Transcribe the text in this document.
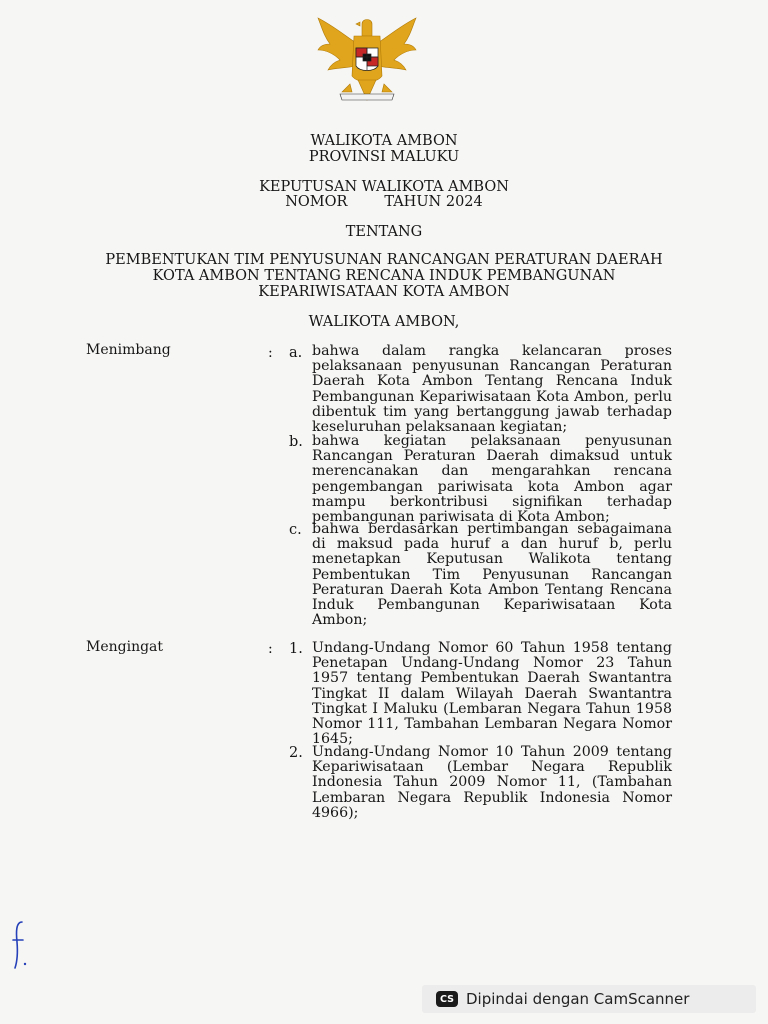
WALIKOTA AMBON
PROVINSI MALUKU
KEPUTUSAN WALIKOTA AMBON
NOMOR        TAHUN 2024
TENTANG
PEMBENTUKAN TIM PENYUSUNAN RANCANGAN PERATURAN DAERAH
KOTA AMBON TENTANG RENCANA INDUK PEMBANGUNAN
KEPARIWISATAAN KOTA AMBON
WALIKOTA AMBON,
Menimbang	: a. bahwa dalam rangka kelancaran proses pelaksanaan penyusunan Rancangan Peraturan Daerah Kota Ambon Tentang Rencana Induk Pembangunan Kepariwisataan Kota Ambon, perlu dibentuk tim yang bertanggung jawab terhadap keseluruhan pelaksanaan kegiatan;
b. bahwa kegiatan pelaksanaan penyusunan Rancangan Peraturan Daerah dimaksud untuk merencanakan dan mengarahkan rencana pengembangan pariwisata kota Ambon agar mampu berkontribusi signifikan terhadap pembangunan pariwisata di Kota Ambon;
c. bahwa berdasarkan pertimbangan sebagaimana di maksud pada huruf a dan huruf b, perlu menetapkan Keputusan Walikota tentang Pembentukan Tim Penyusunan Rancangan Peraturan Daerah Kota Ambon Tentang Rencana Induk Pembangunan Kepariwisataan Kota Ambon;
Mengingat	: 1. Undang-Undang Nomor 60 Tahun 1958 tentang Penetapan Undang-Undang Nomor 23 Tahun 1957 tentang Pembentukan Daerah Swantantra Tingkat II dalam Wilayah Daerah Swantantra Tingkat I Maluku (Lembaran Negara Tahun 1958 Nomor 111, Tambahan Lembaran Negara Nomor 1645;
2. Undang-Undang Nomor 10 Tahun 2009 tentang Kepariwisataan (Lembar Negara Republik Indonesia Tahun 2009 Nomor 11, (Tambahan Lembaran Negara Republik Indonesia Nomor 4966);
CS Dipindai dengan CamScanner
